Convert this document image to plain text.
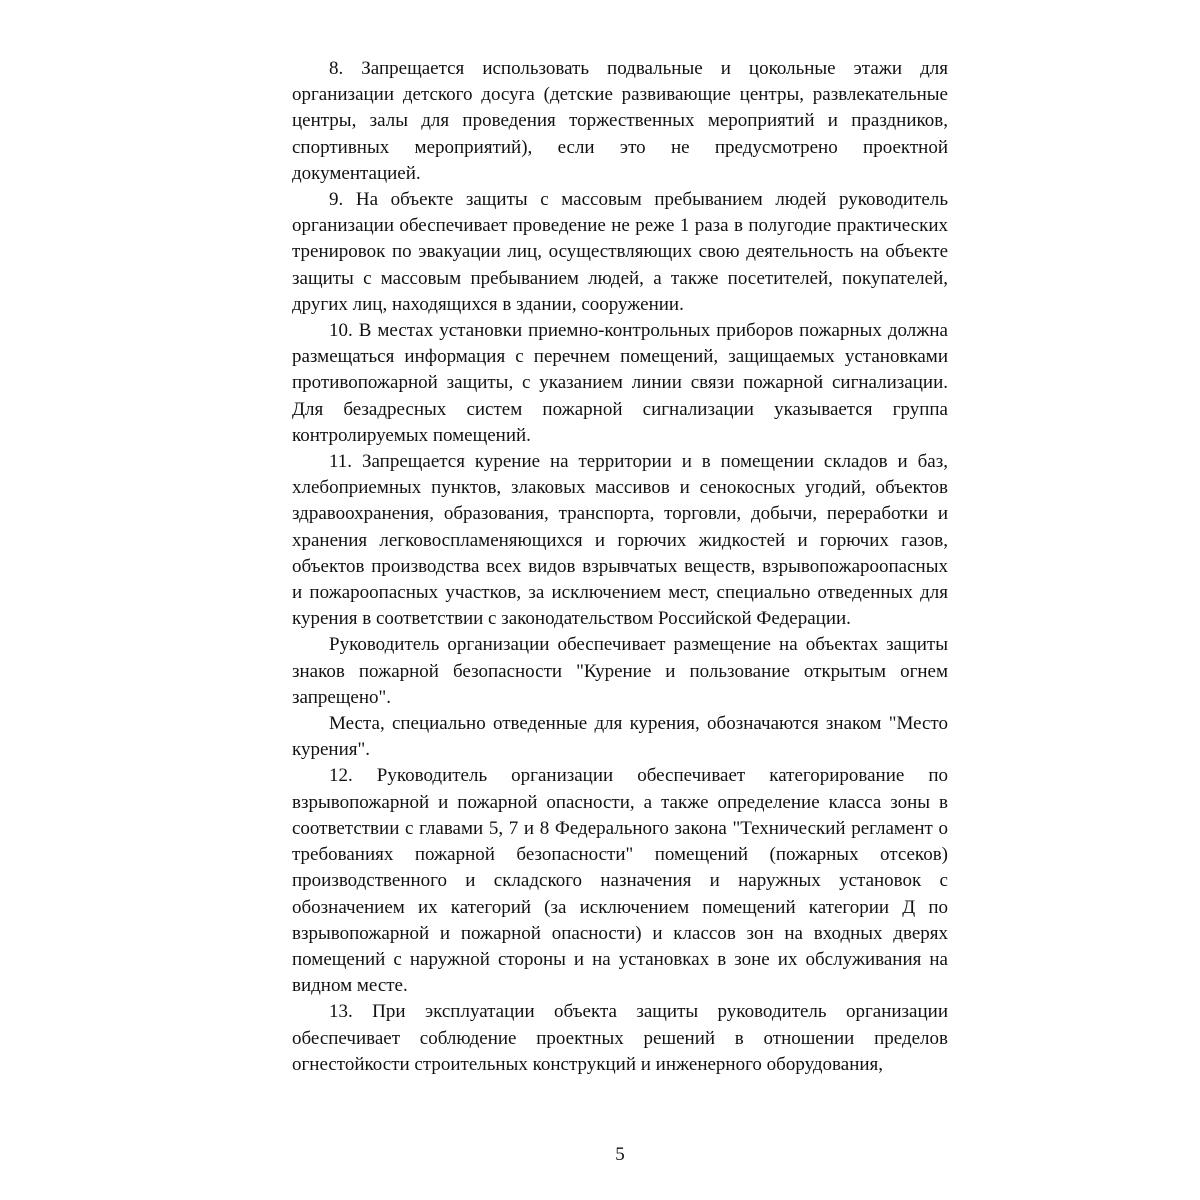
8. Запрещается использовать подвальные и цокольные этажи для организации детского досуга (детские развивающие центры, развлекательные центры, залы для проведения торжественных мероприятий и праздников, спортивных мероприятий), если это не предусмотрено проектной документацией.

9. На объекте защиты с массовым пребыванием людей руководитель организации обеспечивает проведение не реже 1 раза в полугодие практических тренировок по эвакуации лиц, осуществляющих свою деятельность на объекте защиты с массовым пребыванием людей, а также посетителей, покупателей, других лиц, находящихся в здании, сооружении.

10. В местах установки приемно-контрольных приборов пожарных должна размещаться информация с перечнем помещений, защищаемых установками противопожарной защиты, с указанием линии связи пожарной сигнализации. Для безадресных систем пожарной сигнализации указывается группа контролируемых помещений.

11. Запрещается курение на территории и в помещении складов и баз, хлебоприемных пунктов, злаковых массивов и сенокосных угодий, объектов здравоохранения, образования, транспорта, торговли, добычи, переработки и хранения легковоспламеняющихся и горючих жидкостей и горючих газов, объектов производства всех видов взрывчатых веществ, взрывопожароопасных и пожароопасных участков, за исключением мест, специально отведенных для курения в соответствии с законодательством Российской Федерации.

Руководитель организации обеспечивает размещение на объектах защиты знаков пожарной безопасности "Курение и пользование открытым огнем запрещено".

Места, специально отведенные для курения, обозначаются знаком "Место курения".

12. Руководитель организации обеспечивает категорирование по взрывопожарной и пожарной опасности, а также определение класса зоны в соответствии с главами 5, 7 и 8 Федерального закона "Технический регламент о требованиях пожарной безопасности" помещений (пожарных отсеков) производственного и складского назначения и наружных установок с обозначением их категорий (за исключением помещений категории Д по взрывопожарной и пожарной опасности) и классов зон на входных дверях помещений с наружной стороны и на установках в зоне их обслуживания на видном месте.

13. При эксплуатации объекта защиты руководитель организации обеспечивает соблюдение проектных решений в отношении пределов огнестойкости строительных конструкций и инженерного оборудования,

5
